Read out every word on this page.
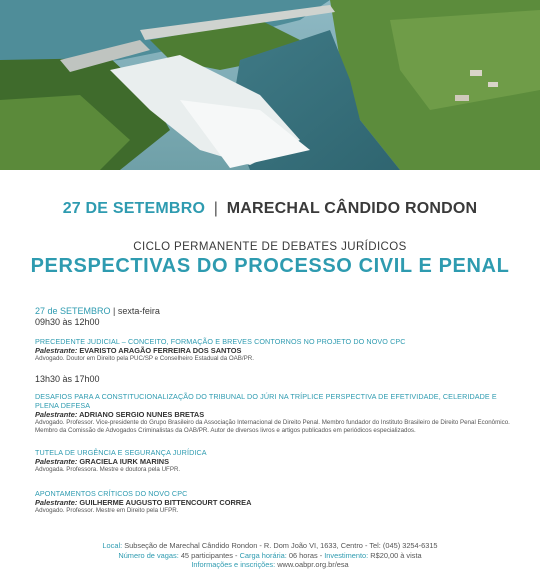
27 DE SETEMBRO | MARECHAL CÂNDIDO RONDON
CICLO PERMANENTE DE DEBATES JURÍDICOS
PERSPECTIVAS DO PROCESSO CIVIL E PENAL
27 de SETEMBRO | sexta-feira
09h30 às 12h00
PRECEDENTE JUDICIAL – CONCEITO, FORMAÇÃO E BREVES CONTORNOS NO PROJETO DO NOVO CPC
Palestrante: EVARISTO ARAGÃO FERREIRA DOS SANTOS
Advogado. Doutor em Direito pela PUC/SP e Conselheiro Estadual da OAB/PR.
13h30 às 17h00
DESAFIOS PARA A CONSTITUCIONALIZAÇÃO DO TRIBUNAL DO JÚRI NA TRÍPLICE PERSPECTIVA DE EFETIVIDADE, CELERIDADE E PLENA DEFESA
Palestrante: ADRIANO SERGIO NUNES BRETAS
Advogado. Professor. Vice-presidente do Grupo Brasileiro da Associação Internacional de Direito Penal. Membro fundador do Instituto Brasileiro de Direito Penal Econômico. Membro da Comissão de Advogados Criminalistas da OAB/PR. Autor de diversos livros e artigos publicados em periódicos especializados.
TUTELA DE URGÊNCIA E SEGURANÇA JURÍDICA
Palestrante: GRACIELA IURK MARINS
Advogada. Professora. Mestre e doutora pela UFPR.
APONTAMENTOS CRÍTICOS DO NOVO CPC
Palestrante: GUILHERME AUGUSTO BITTENCOURT CORREA
Advogado. Professor. Mestre em Direito pela UFPR.
Local: Subseção de Marechal Cândido Rondon - R. Dom João VI, 1633, Centro - Tel: (045) 3254-6315
Número de vagas: 45 participantes - Carga horária: 06 horas - Investimento: R$20,00 à vista
Informações e inscrições: www.oabpr.org.br/esa
